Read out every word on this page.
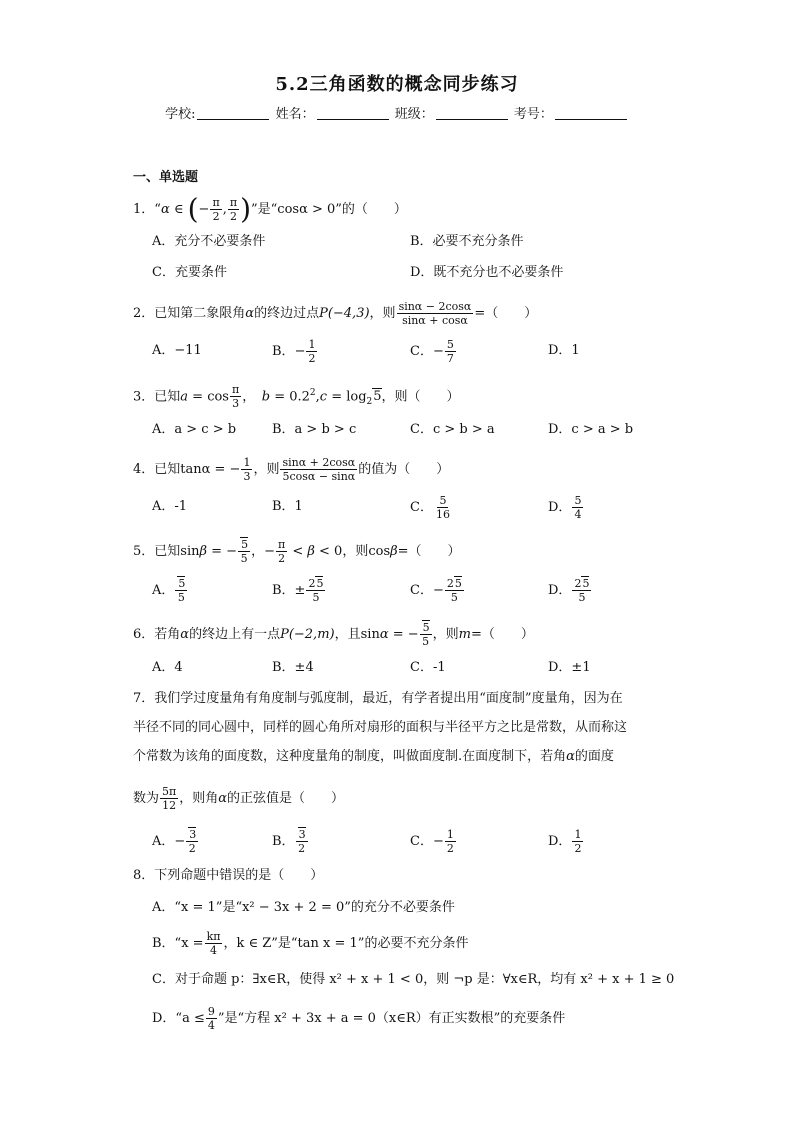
5.2三角函数的概念同步练习
学校:	姓名：	班级：	考号：
一、单选题
1．“α ∈ (− $\frac{\pi}{2}$ , $\frac{\pi}{2}$ )”是“cosα > 0”的（　　）
A．充分不必要条件	B．必要不充分条件
C．充要条件	D．既不充分也不必要条件
2．已知第二象限角α的终边过点P(−4,3)，则 $\frac{\sin\alpha - 2\cos\alpha}{\sin\alpha + \cos\alpha}$ =（　　）
A．−11	B．− $\frac{1}{2}$	C．− $\frac{5}{7}$	D．1
3．已知$a = \cos \frac{\pi}{3}$ ，　$b = 0.2^2,c = \log_25$，则（　　）
A．a > c > b	B．a > b > c	C．c > b > a	D．c > a > b
4．已知tanα = − $\frac{1}{3}$ ，则 $\frac{\sin\alpha + 2\cos\alpha}{5\cos\alpha - \sin\alpha}$ 的值为（　　）
A．-1	B．1	C． $\frac{5}{16}$	D． $\frac{5}{4}$
5．已知sinβ = − $\frac{5}{5}$ ，− $\frac{\pi}{2} < \beta < 0$，则cosβ=（　　）
A． $\frac{5}{5}$	B．± $\frac{25}{5}$	C．− $\frac{25}{5}$	D． $\frac{25}{5}$
6．若角α的终边上有一点P(−2,m)，且sinα = − $\frac{5}{5}$ ，则m=（　　）
A．4	B．±4	C．-1	D．±1
7．我们学过度量角有角度制与弧度制，最近，有学者提出用“面度制”度量角，因为在
半径不同的同心圆中，同样的圆心角所对扇形的面积与半径平方之比是常数，从而称这
个常数为该角的面度数，这种度量角的制度，叫做面度制.在面度制下，若角α的面度
数为 $\frac{5\pi}{12}$ ，则角α的正弦值是（　　）
A．− $\frac{3}{2}$	B． $\frac{3}{2}$	C．− $\frac{1}{2}$	D． $\frac{1}{2}$
8．下列命题中错误的是（　　）
A．“x = 1”是“x² − 3x + 2 = 0”的充分不必要条件
B．“$x = \frac{k\pi}{4}$ ，k ∈ Z”是“tan x = 1”的必要不充分条件
C．对于命题 p：∃x∈R，使得 x² + x + 1 < 0，则 ¬p 是：∀x∈R，均有 x² + x + 1 ≥ 0
D．“$a \le \frac{9}{4}$ ”是“方程 x² + 3x + a = 0（x∈R）有正实数根”的充要条件
